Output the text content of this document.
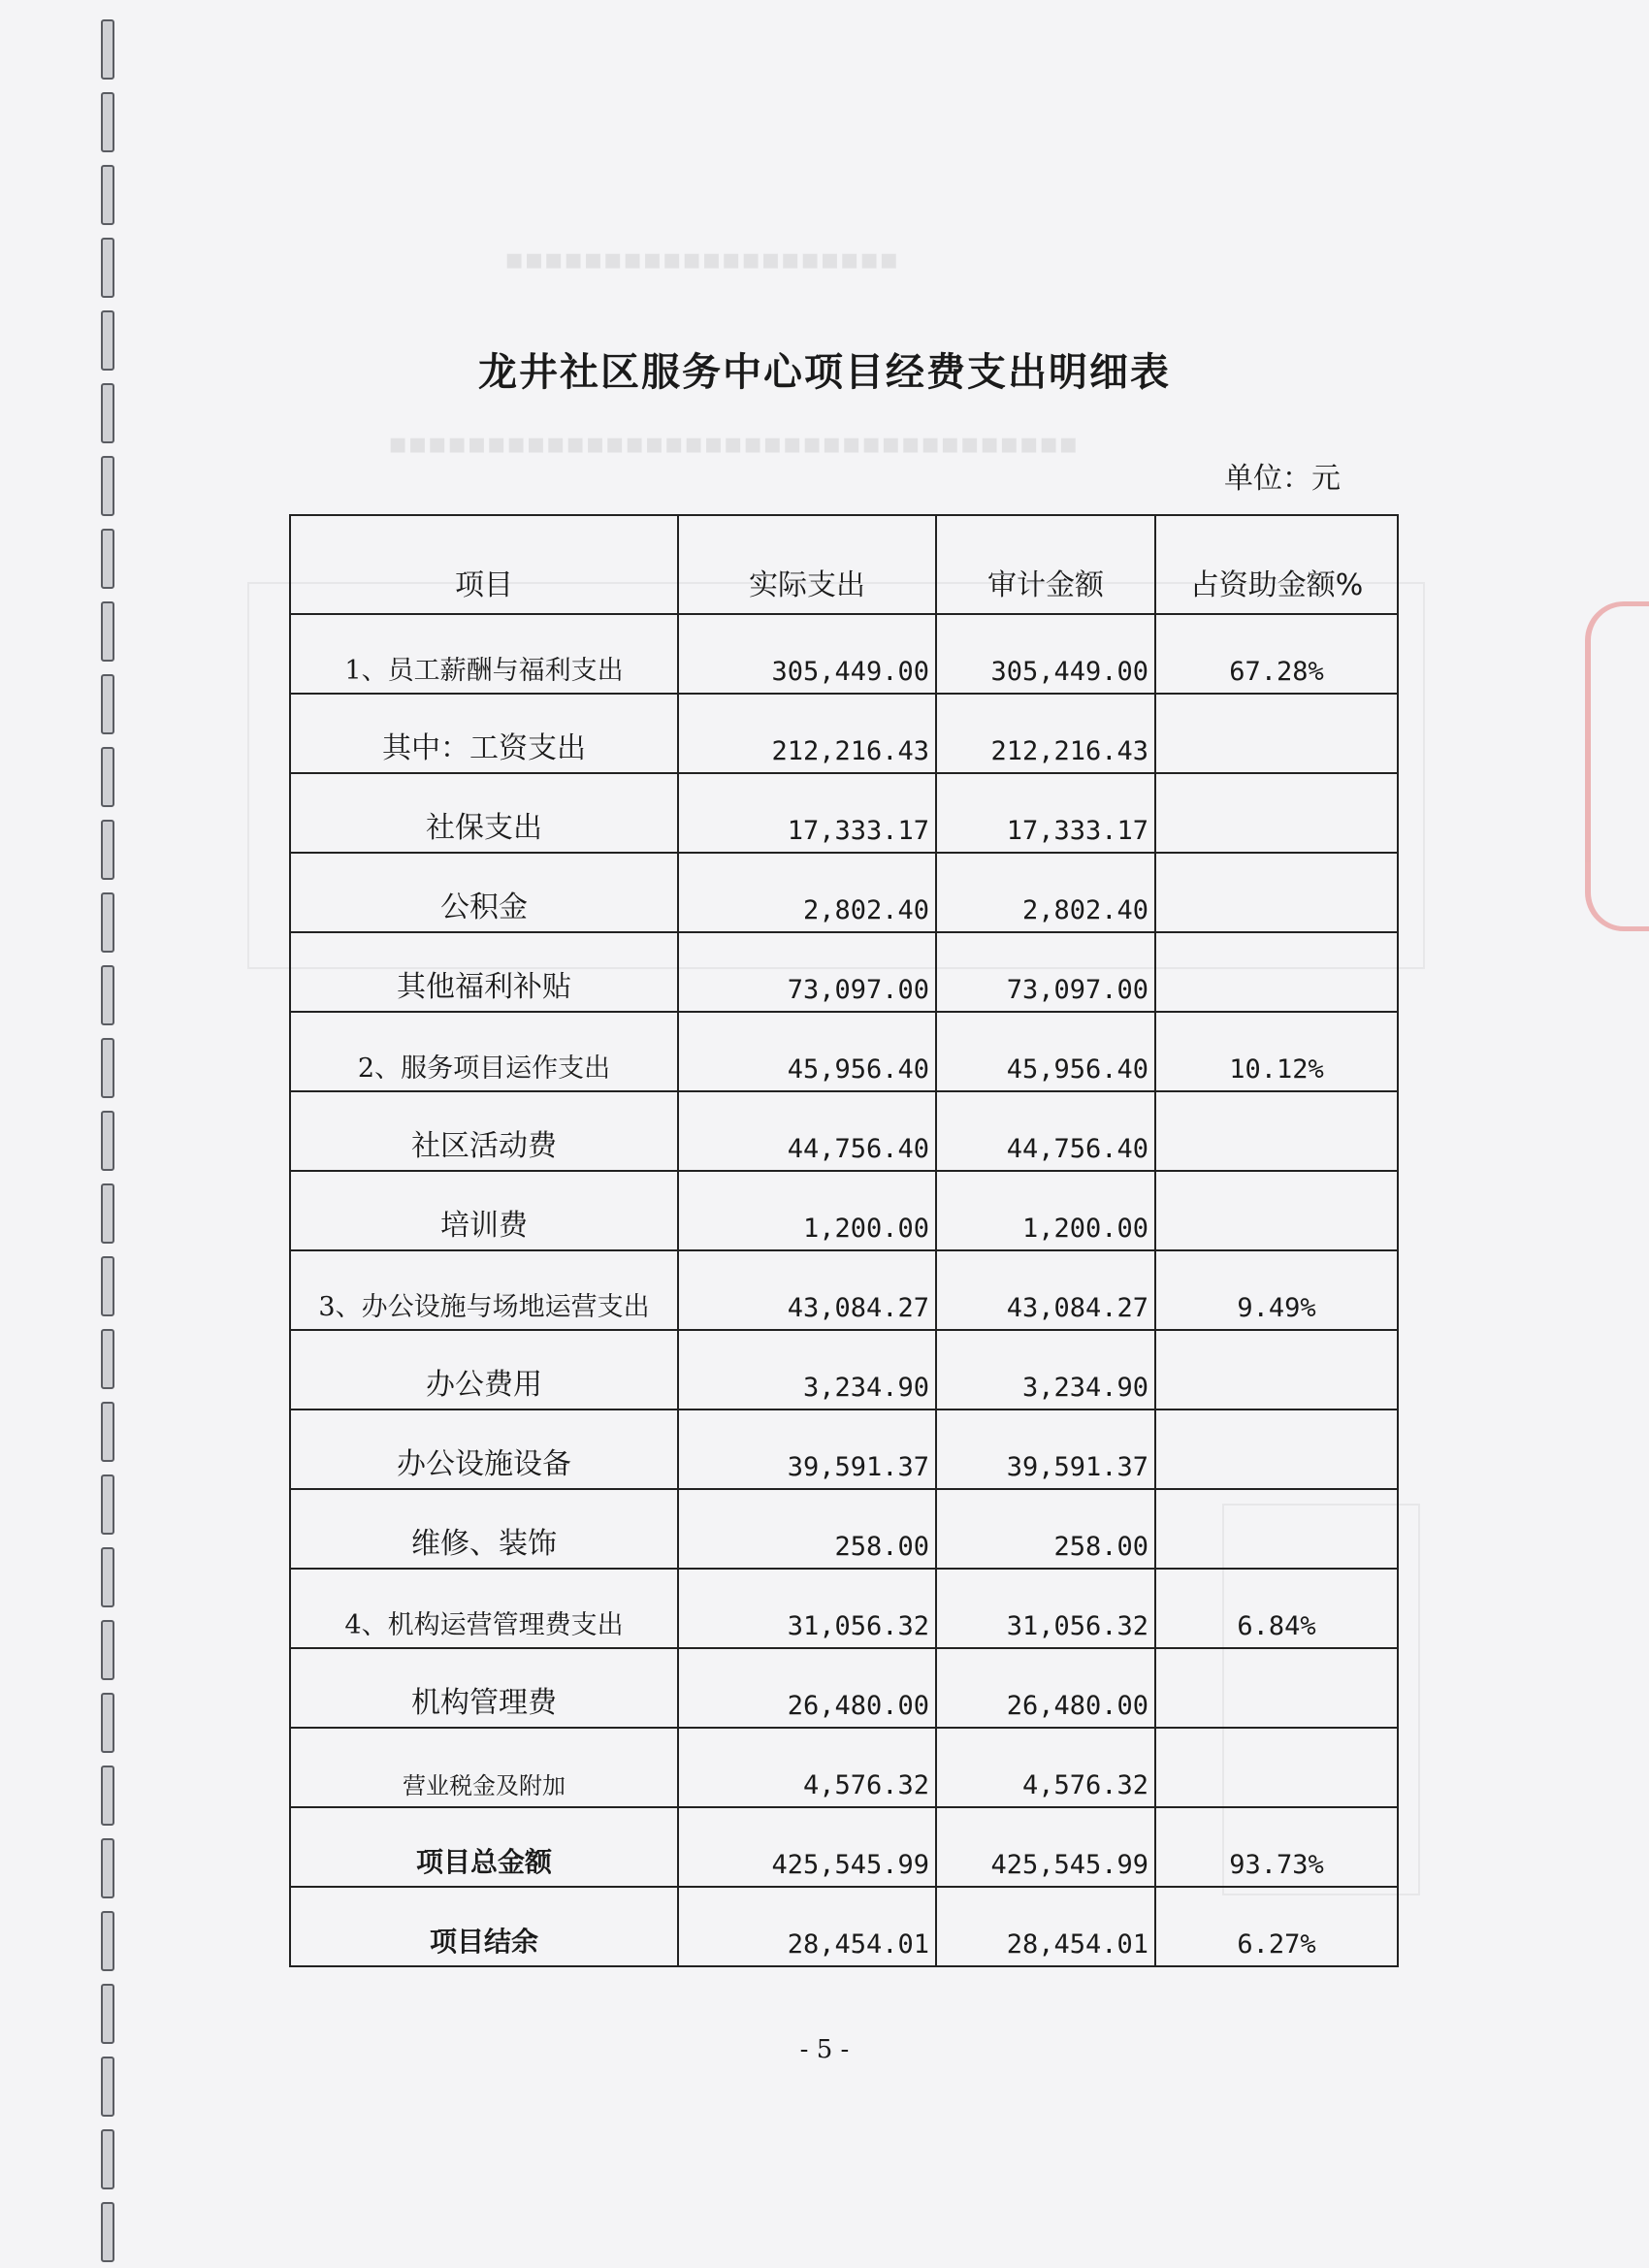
▪▪▪▪▪▪▪▪▪▪▪▪▪▪▪▪▪▪▪▪
▪▪▪▪▪▪▪▪▪▪▪▪▪▪▪▪▪▪▪▪▪▪▪▪▪▪▪▪▪▪▪▪▪▪▪
龙井社区服务中心项目经费支出明细表
单位：元
项目	实际支出	审计金额	占资助金额%
1、员工薪酬与福利支出	305,449.00	305,449.00	67.28%
其中：工资支出	212,216.43	212,216.43	
社保支出	17,333.17	17,333.17	
公积金	2,802.40	2,802.40	
其他福利补贴	73,097.00	73,097.00	
2、服务项目运作支出	45,956.40	45,956.40	10.12%
社区活动费	44,756.40	44,756.40	
培训费	1,200.00	1,200.00	
3、办公设施与场地运营支出	43,084.27	43,084.27	9.49%
办公费用	3,234.90	3,234.90	
办公设施设备	39,591.37	39,591.37	
维修、装饰	258.00	258.00	
4、机构运营管理费支出	31,056.32	31,056.32	6.84%
机构管理费	26,480.00	26,480.00	
营业税金及附加	4,576.32	4,576.32	
项目总金额	425,545.99	425,545.99	93.73%
项目结余	28,454.01	28,454.01	6.27%
- 5 -
